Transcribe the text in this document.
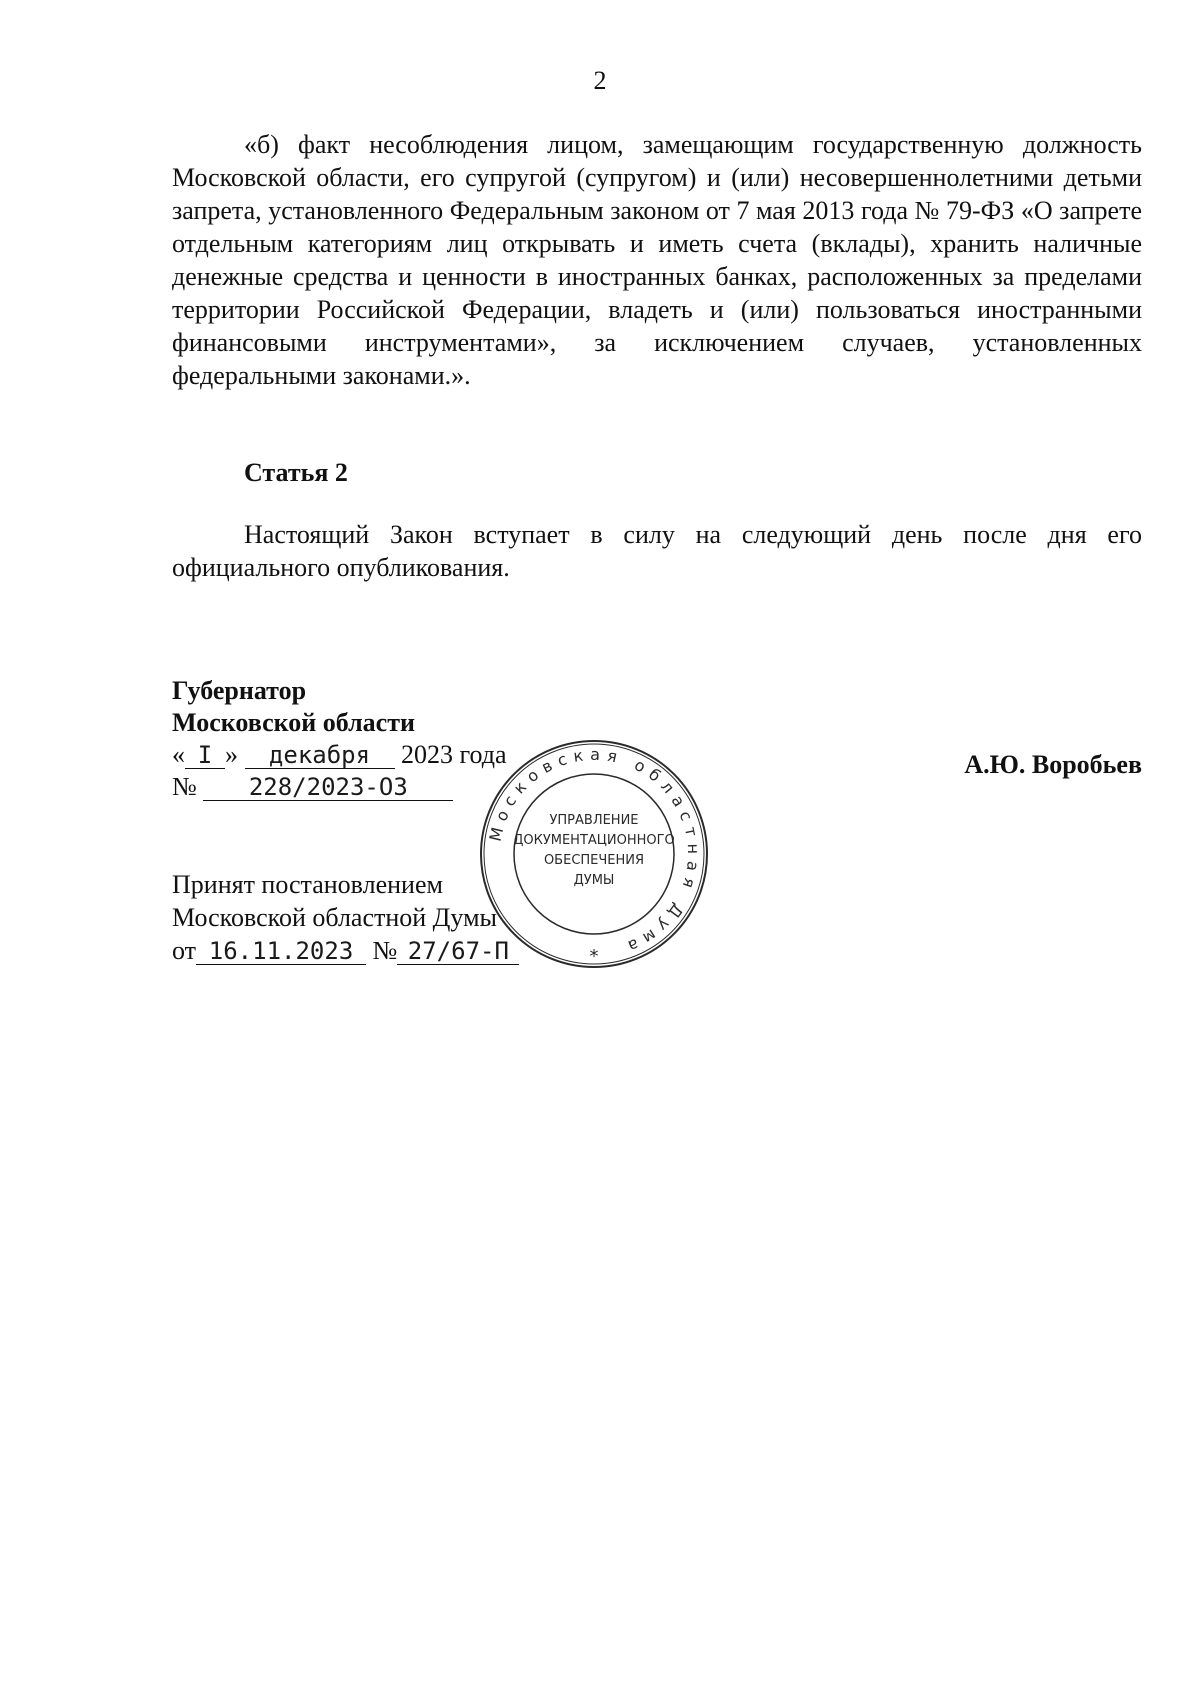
2

«б) факт несоблюдения лицом, замещающим государственную должность Московской области, его супругой (супругом) и (или) несовершеннолетними детьми запрета, установленного Федеральным законом от 7 мая 2013 года № 79-ФЗ «О запрете отдельным категориям лиц открывать и иметь счета (вклады), хранить наличные денежные средства и ценности в иностранных банках, расположенных за пределами территории Российской Федерации, владеть и (или) пользоваться иностранными финансовыми инструментами», за исключением случаев, установленных федеральными законами.».

Статья 2

Настоящий Закон вступает в силу на следующий день после дня его официального опубликования.

Губернатор
Московской области
А.Ю. Воробьев
« I » декабря 2023 года
№ 228/2023-ОЗ
Принят постановлением
Московской областной Думы
от 16.11.2023 № 27/67-П
Московская областная Дума
УПРАВЛЕНИЕ
ДОКУМЕНТАЦИОННОГО
ОБЕСПЕЧЕНИЯ
ДУМЫ
*
